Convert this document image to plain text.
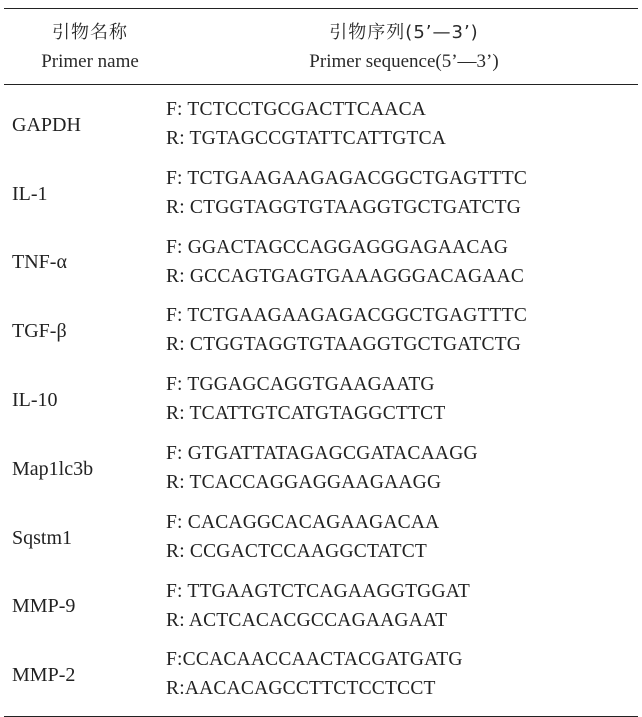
引物名称
Primer name
引物序列(5’—3’)
Primer sequence(5’—3’)
GAPDH
F: TCTCCTGCGACTTCAACA
R: TGTAGCCGTATTCATTGTCA
IL-1
F: TCTGAAGAAGAGACGGCTGAGTTTC
R: CTGGTAGGTGTAAGGTGCTGATCTG
TNF-α
F: GGACTAGCCAGGAGGGAGAACAG
R: GCCAGTGAGTGAAAGGGACAGAAC
TGF-β
F: TCTGAAGAAGAGACGGCTGAGTTTC
R: CTGGTAGGTGTAAGGTGCTGATCTG
IL-10
F: TGGAGCAGGTGAAGAATG
R: TCATTGTCATGTAGGCTTCT
Map1lc3b
F: GTGATTATAGAGCGATACAAGG
R: TCACCAGGAGGAAGAAGG
Sqstm1
F: CACAGGCACAGAAGACAA
R: CCGACTCCAAGGCTATCT
MMP-9
F: TTGAAGTCTCAGAAGGTGGAT
R: ACTCACACGCCAGAAGAAT
MMP-2
F:CCACAACCAACTACGATGATG
R:AACACAGCCTTCTCCTCCT
